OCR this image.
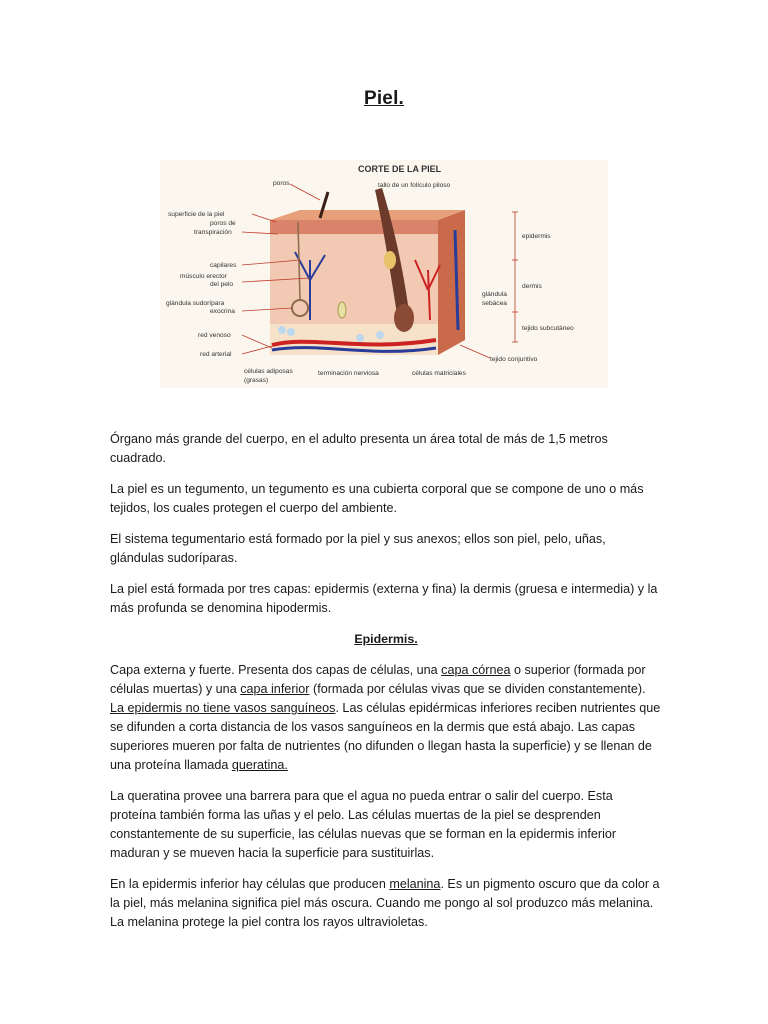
Piel.
CORTE DE LA PIEL
poros
superficie de la piel
poros de
transpiración
capilares
músculo erector
del pelo
glándula sudorípara
exocrina
red venoso
red arterial
tallo de un folículo piloso
células adiposas
(grasas)
terminación nerviosa	células matriciales
tejido conjuntivo
epidermis
dermis
glándula
sebácea
tejido subcutáneo

Órgano más grande del cuerpo, en el adulto presenta un área total de más de 1,5 metros cuadrado.

La piel es un tegumento, un tegumento es una cubierta corporal que se compone de uno o más tejidos, los cuales protegen el cuerpo del ambiente.

El sistema tegumentario está formado por la piel y sus anexos; ellos son piel, pelo, uñas, glándulas sudoríparas.

La piel está formada por tres capas: epidermis (externa y fina) la dermis (gruesa e intermedia) y la más profunda se denomina hipodermis.

Epidermis.

Capa externa y fuerte. Presenta dos capas de células, una capa córnea o superior (formada por células muertas) y una capa inferior (formada por células vivas que se dividen constantemente). La epidermis no tiene vasos sanguíneos. Las células epidérmicas inferiores reciben nutrientes que se difunden a corta distancia de los vasos sanguíneos en la dermis que está abajo. Las capas superiores mueren por falta de nutrientes (no difunden o llegan hasta la superficie) y se llenan de una proteína llamada queratina.

La queratina provee una barrera para que el agua no pueda entrar o salir del cuerpo. Esta proteína también forma las uñas y el pelo. Las células muertas de la piel se desprenden constantemente de su superficie, las células nuevas que se forman en la epidermis inferior maduran y se mueven hacia la superficie para sustituirlas.

En la epidermis inferior hay células que producen melanina. Es un pigmento oscuro que da color a la piel, más melanina significa piel más oscura. Cuando me pongo al sol produzco más melanina. La melanina protege la piel contra los rayos ultravioletas.
